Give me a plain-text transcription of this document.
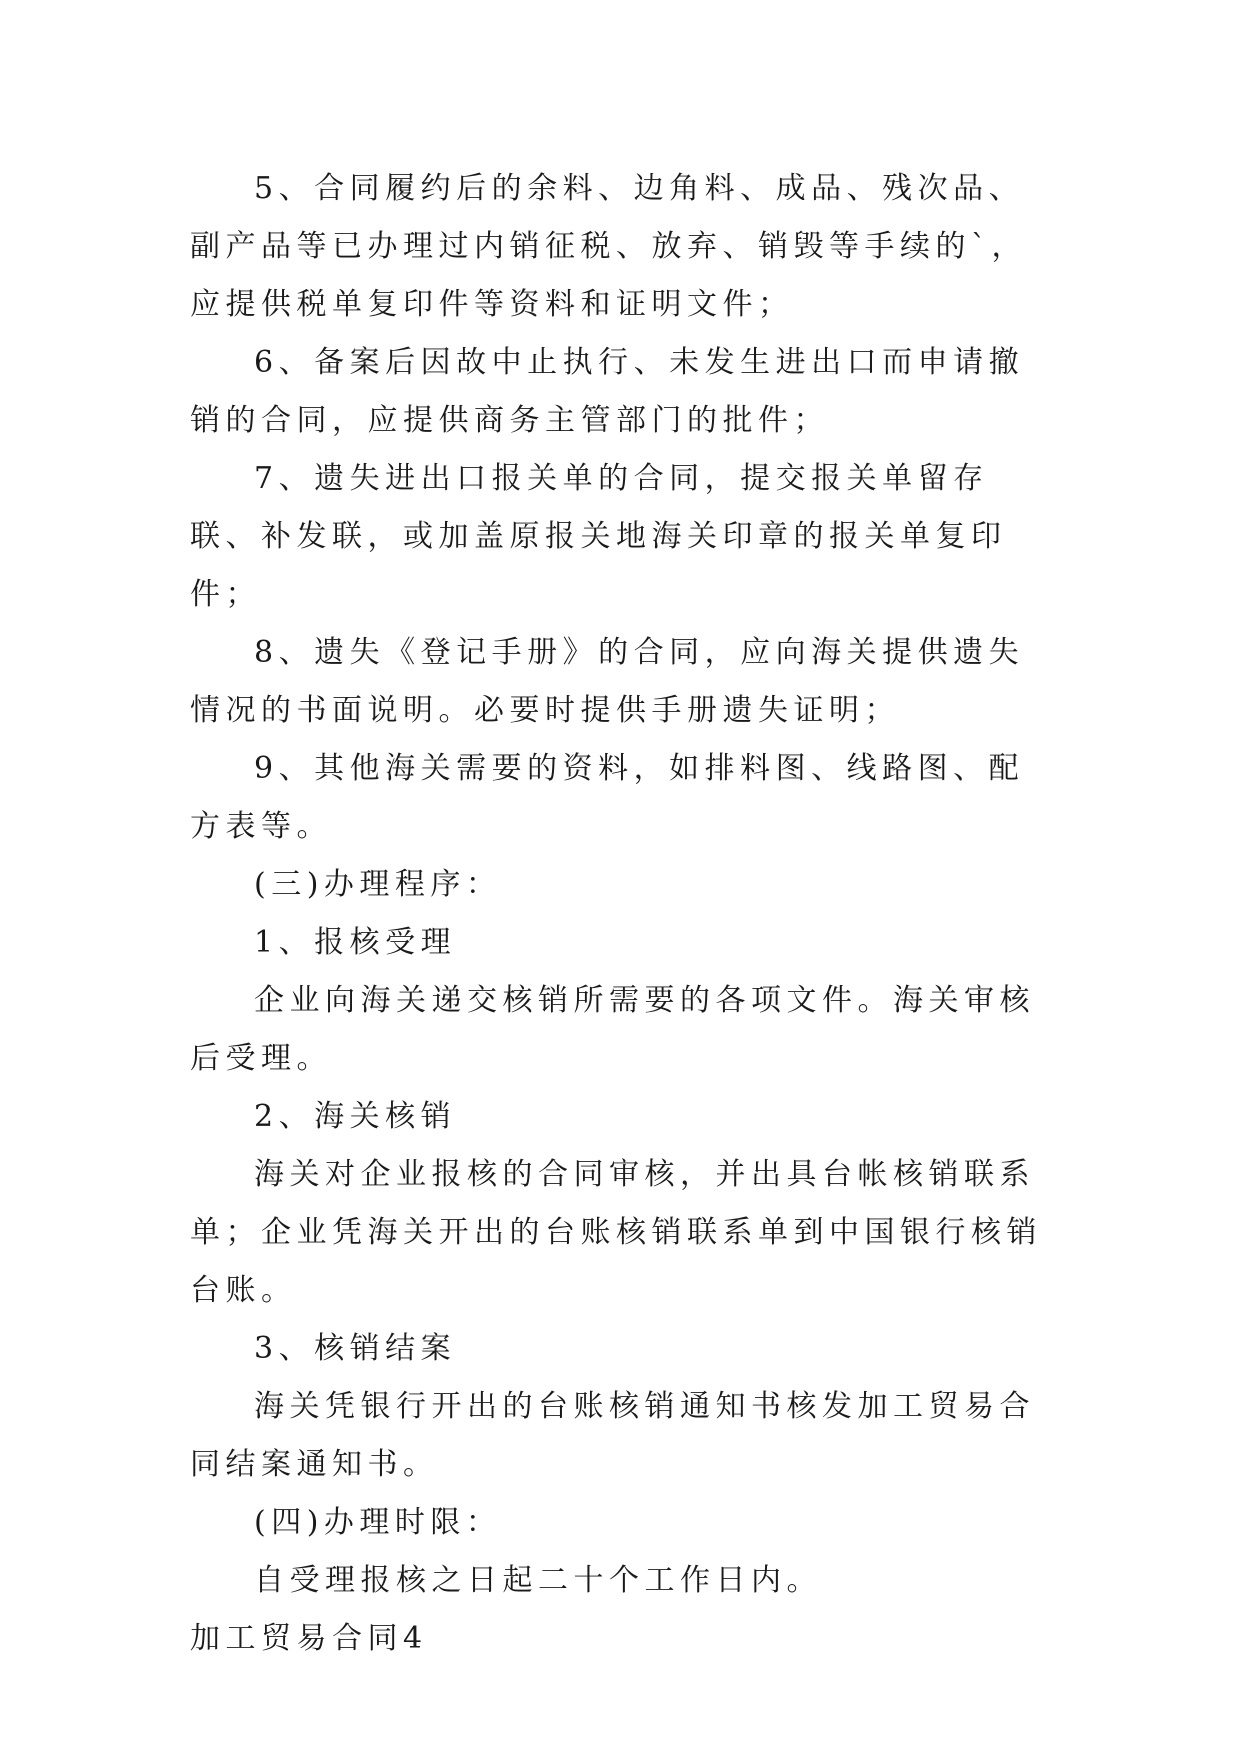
5、合同履约后的余料、边角料、成品、残次品、副产品等已办理过内销征税、放弃、销毁等手续的`，应提供税单复印件等资料和证明文件；

6、备案后因故中止执行、未发生进出口而申请撤销的合同，应提供商务主管部门的批件；

7、遗失进出口报关单的合同，提交报关单留存联、补发联，或加盖原报关地海关印章的报关单复印件；

8、遗失《登记手册》的合同，应向海关提供遗失情况的书面说明。必要时提供手册遗失证明；

9、其他海关需要的资料，如排料图、线路图、配方表等。

(三)办理程序：

1、报核受理

企业向海关递交核销所需要的各项文件。海关审核后受理。

2、海关核销

海关对企业报核的合同审核，并出具台帐核销联系单；企业凭海关开出的台账核销联系单到中国银行核销台账。

3、核销结案

海关凭银行开出的台账核销通知书核发加工贸易合同结案通知书。

(四)办理时限：

自受理报核之日起二十个工作日内。

加工贸易合同4
